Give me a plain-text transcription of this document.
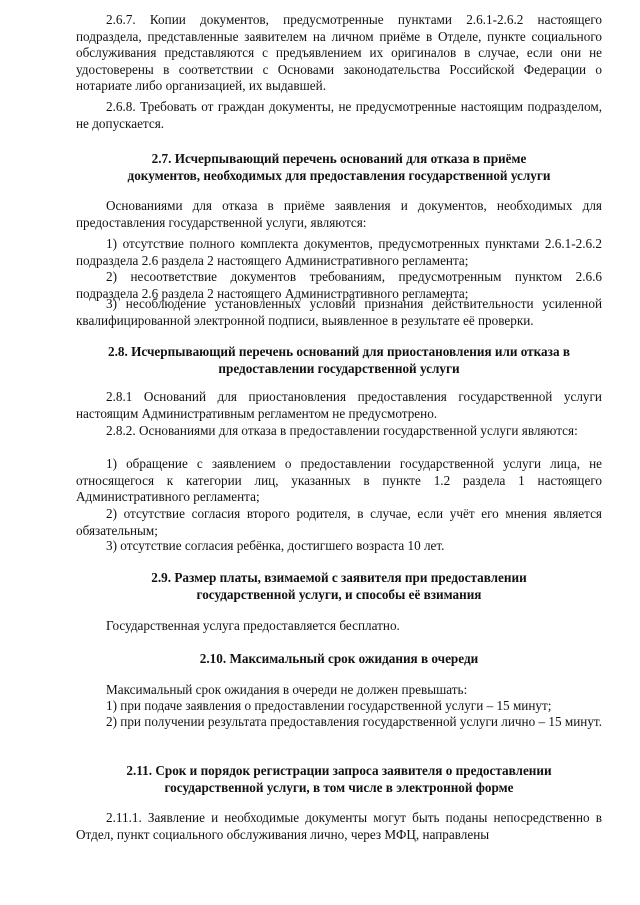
2.6.7. Копии документов, предусмотренные пунктами 2.6.1-2.6.2 настоящего подраздела, представленные заявителем на личном приёме в Отделе, пункте социального обслуживания представляются с предъявлением их оригиналов в случае, если они не удостоверены в соответствии с Основами законодательства Российской Федерации о нотариате либо организацией, их выдавшей.

2.6.8. Требовать от граждан документы, не предусмотренные настоящим подразделом, не допускается.

2.7. Исчерпывающий перечень оснований для отказа в приёме
документов, необходимых для предоставления государственной услуги

Основаниями для отказа в приёме заявления и документов, необходимых для предоставления государственной услуги, являются:

1) отсутствие полного комплекта документов, предусмотренных пунктами 2.6.1-2.6.2 подраздела 2.6 раздела 2 настоящего Административного регламента;

2) несоответствие документов требованиям, предусмотренным пунктом 2.6.6 подраздела 2.6 раздела 2 настоящего Административного регламента;

3) несоблюдение установленных условий признания действительности усиленной квалифицированной электронной подписи, выявленное в результате её проверки.

2.8. Исчерпывающий перечень оснований для приостановления или отказа в
предоставлении государственной услуги

2.8.1 Оснований для приостановления предоставления государственной услуги настоящим Административным регламентом не предусмотрено.

2.8.2. Основаниями для отказа в предоставлении государственной услуги являются:

1) обращение с заявлением о предоставлении государственной услуги лица, не относящегося к категории лиц, указанных в пункте 1.2 раздела 1 настоящего Административного регламента;

2) отсутствие согласия второго родителя, в случае, если учёт его мнения является обязательным;

3) отсутствие согласия ребёнка, достигшего возраста 10 лет.

2.9. Размер платы, взимаемой с заявителя при предоставлении
государственной услуги, и способы её взимания

Государственная услуга предоставляется бесплатно.

2.10. Максимальный срок ожидания в очереди

Максимальный срок ожидания в очереди не должен превышать:

1) при подаче заявления о предоставлении государственной услуги – 15 минут;

2) при получении результата предоставления государственной услуги лично – 15 минут.

2.11. Срок и порядок регистрации запроса заявителя о предоставлении
государственной услуги, в том числе в электронной форме

2.11.1. Заявление и необходимые документы могут быть поданы непосредственно в Отдел, пункт социального обслуживания лично, через МФЦ, направлены
